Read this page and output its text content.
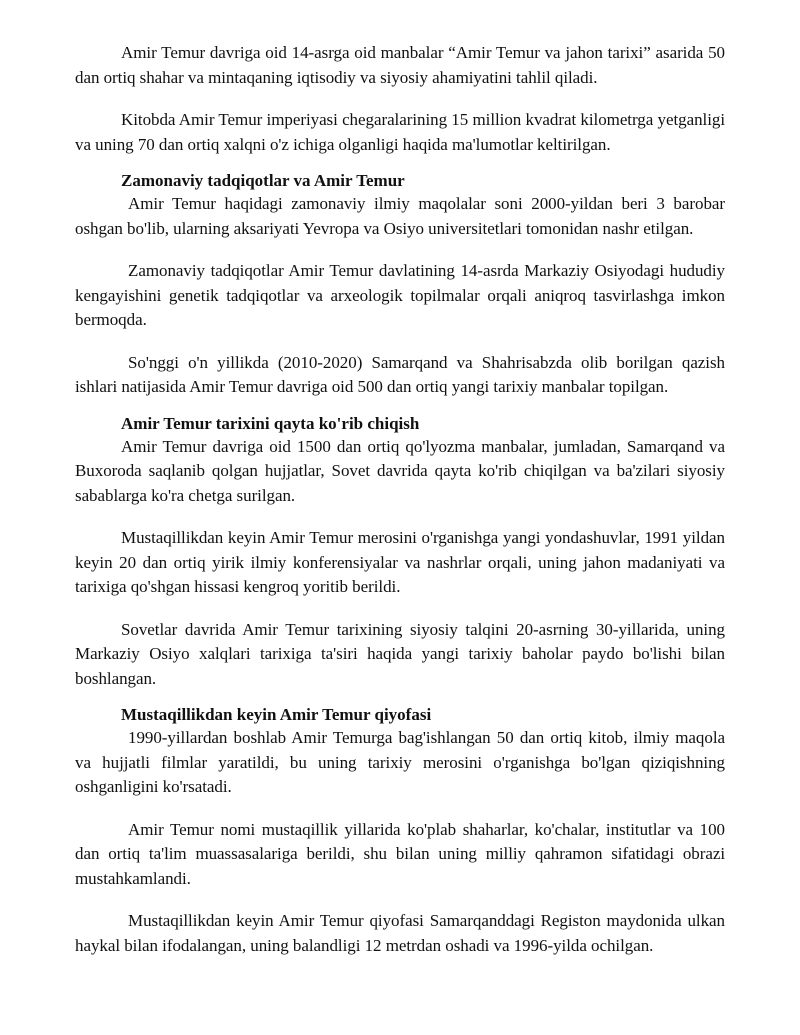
Amir Temur davriga oid 14-asrga oid manbalar “Amir Temur va jahon tarixi” asarida 50 dan ortiq shahar va mintaqaning iqtisodiy va siyosiy ahamiyatini tahlil qiladi.

Kitobda Amir Temur imperiyasi chegaralarining 15 million kvadrat kilometrga yetganligi va uning 70 dan ortiq xalqni o'z ichiga olganligi haqida ma'lumotlar keltirilgan.

Zamonaviy tadqiqotlar va Amir Temur

Amir Temur haqidagi zamonaviy ilmiy maqolalar soni 2000-yildan beri 3 barobar oshgan bo'lib, ularning aksariyati Yevropa va Osiyo universitetlari tomonidan nashr etilgan.

Zamonaviy tadqiqotlar Amir Temur davlatining 14-asrda Markaziy Osiyodagi hududiy kengayishini genetik tadqiqotlar va arxeologik topilmalar orqali aniqroq tasvirlashga imkon bermoqda.

So'nggi o'n yillikda (2010-2020) Samarqand va Shahrisabzda olib borilgan qazish ishlari natijasida Amir Temur davriga oid 500 dan ortiq yangi tarixiy manbalar topilgan.

Amir Temur tarixini qayta ko'rib chiqish

Amir Temur davriga oid 1500 dan ortiq qo'lyozma manbalar, jumladan, Samarqand va Buxoroda saqlanib qolgan hujjatlar, Sovet davrida qayta ko'rib chiqilgan va ba'zilari siyosiy sabablarga ko'ra chetga surilgan.

Mustaqillikdan keyin Amir Temur merosini o'rganishga yangi yondashuvlar, 1991 yildan keyin 20 dan ortiq yirik ilmiy konferensiyalar va nashrlar orqali, uning jahon madaniyati va tarixiga qo'shgan hissasi kengroq yoritib berildi.

Sovetlar davrida Amir Temur tarixining siyosiy talqini 20-asrning 30-yillarida, uning Markaziy Osiyo xalqlari tarixiga ta'siri haqida yangi tarixiy baholar paydo bo'lishi bilan boshlangan.

Mustaqillikdan keyin Amir Temur qiyofasi

1990-yillardan boshlab Amir Temurga bag'ishlangan 50 dan ortiq kitob, ilmiy maqola va hujjatli filmlar yaratildi, bu uning tarixiy merosini o'rganishga bo'lgan qiziqishning oshganligini ko'rsatadi.

Amir Temur nomi mustaqillik yillarida ko'plab shaharlar, ko'chalar, institutlar va 100 dan ortiq ta'lim muassasalariga berildi, shu bilan uning milliy qahramon sifatidagi obrazi mustahkamlandi.

Mustaqillikdan keyin Amir Temur qiyofasi Samarqanddagi Registon maydonida ulkan haykal bilan ifodalangan, uning balandligi 12 metrdan oshadi va 1996-yilda ochilgan.
